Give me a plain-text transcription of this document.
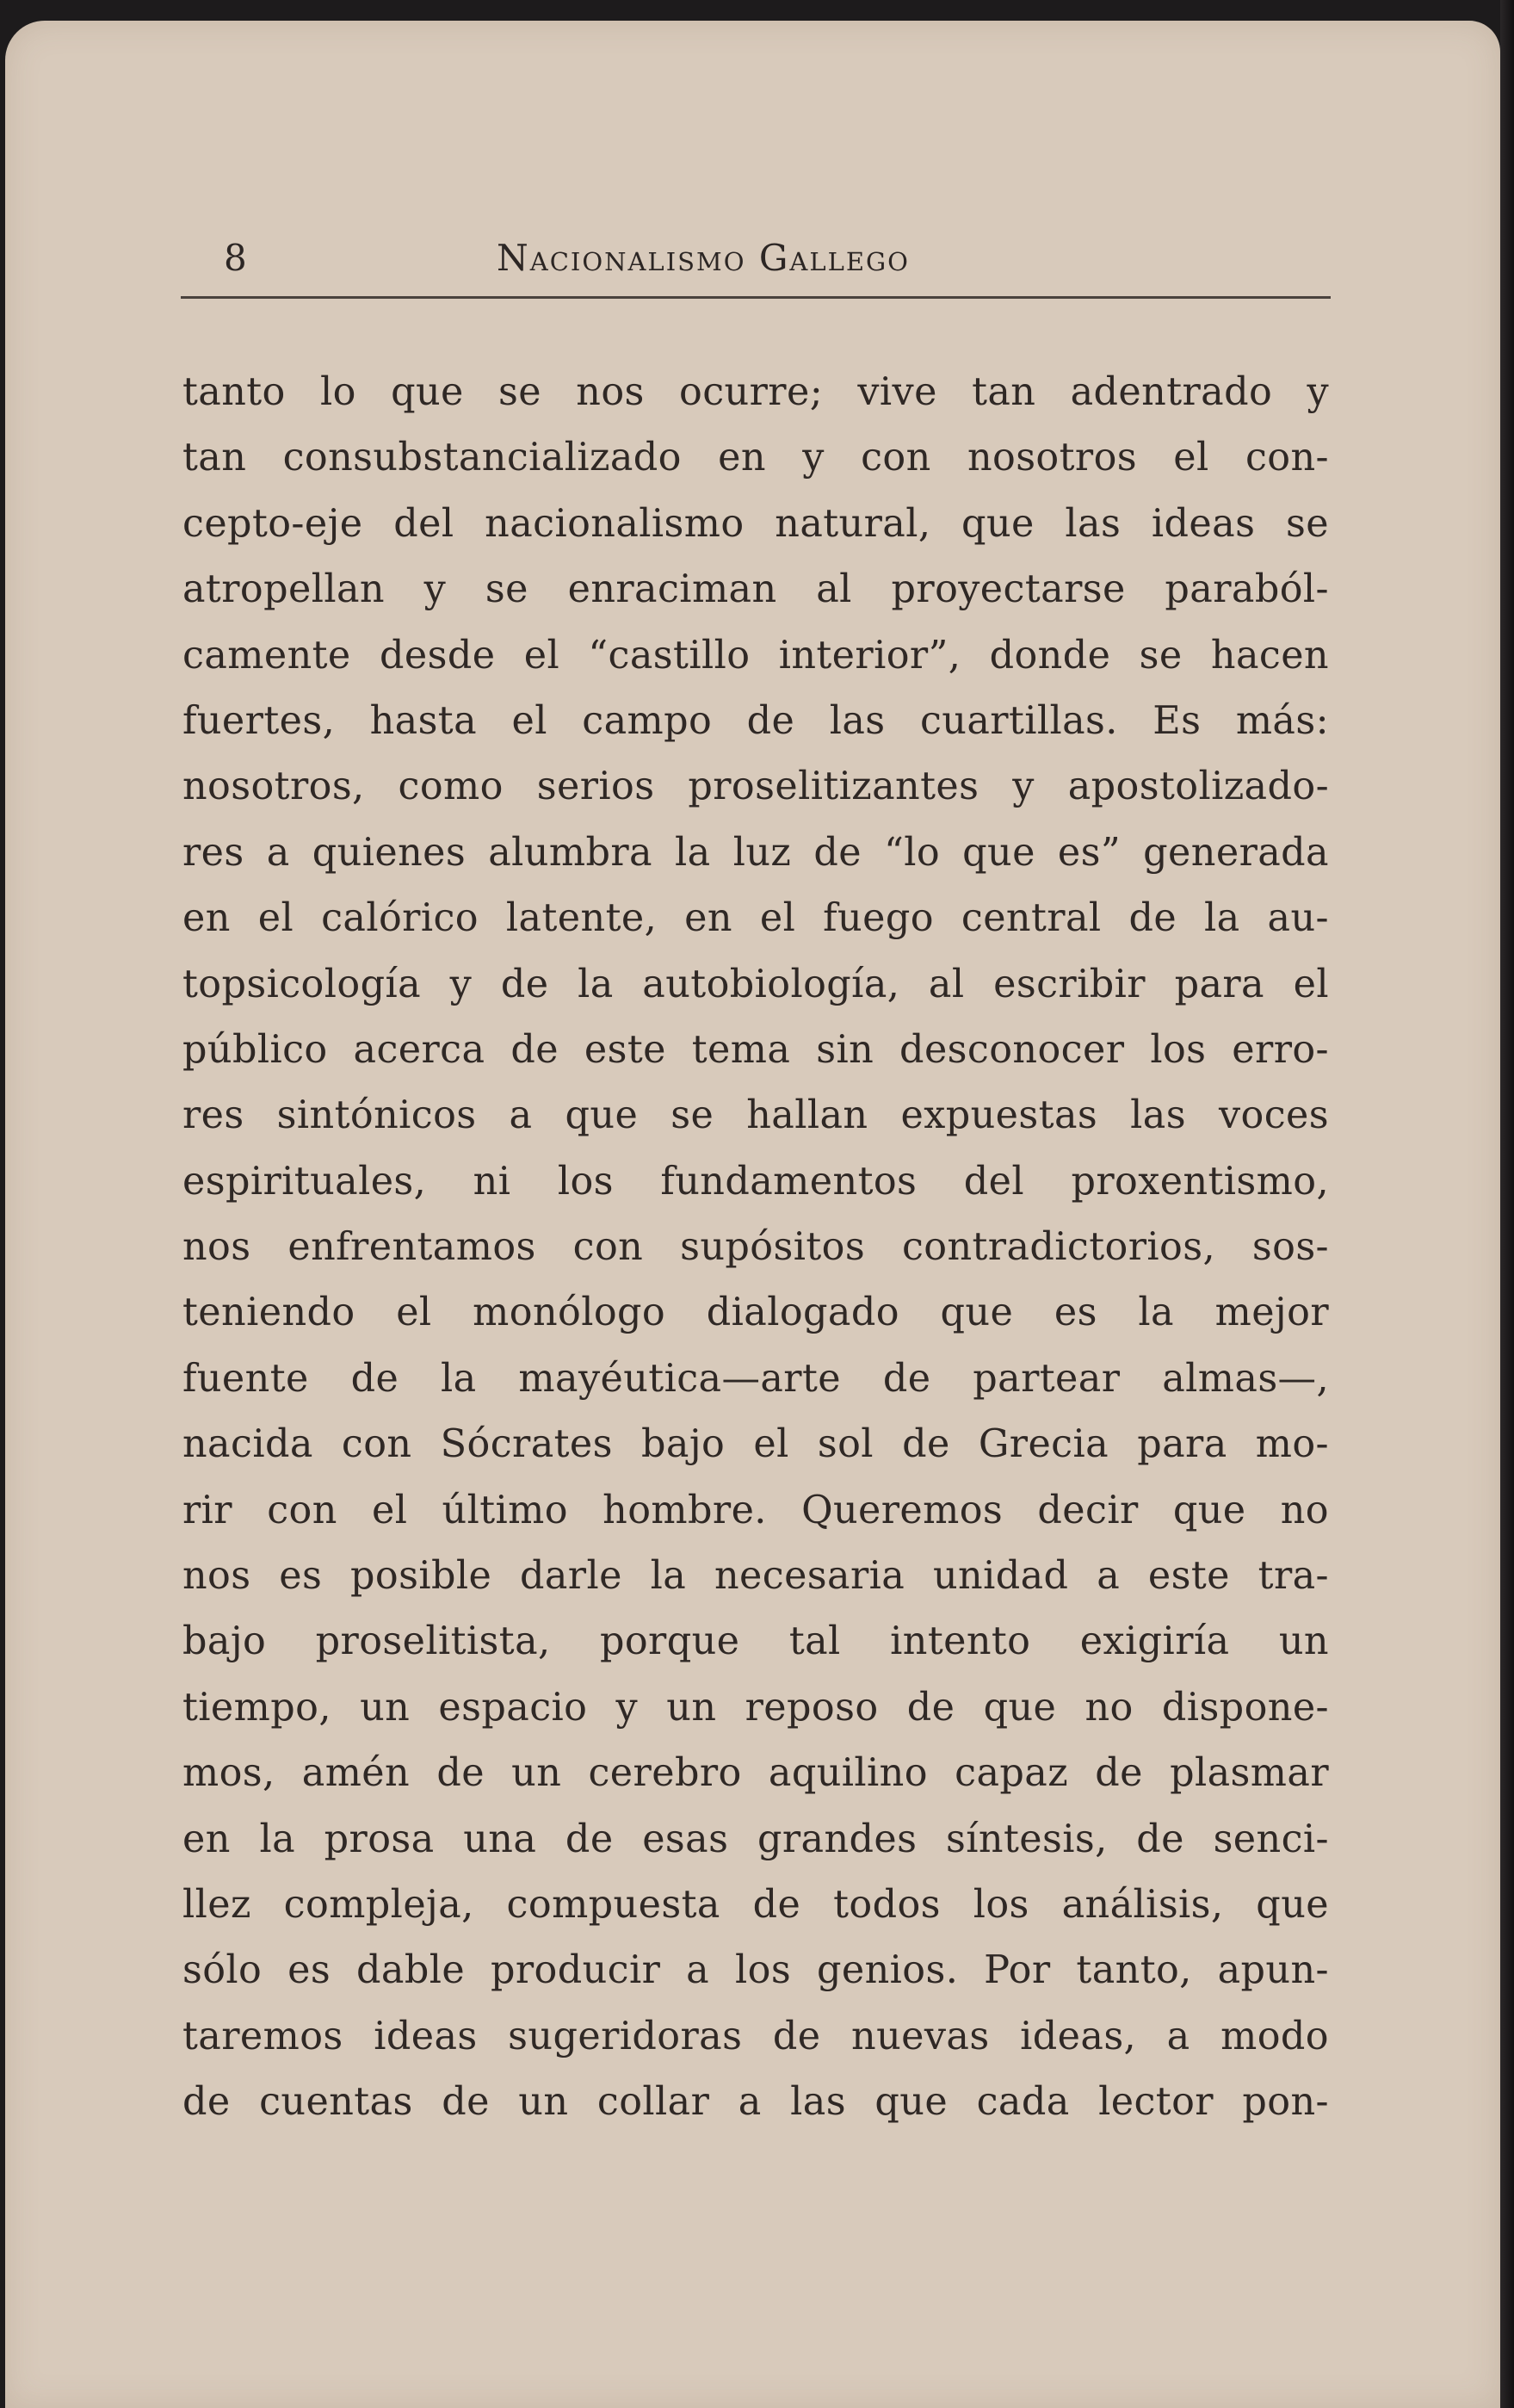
8	Nacionalismo Gallego
tanto lo que se nos ocurre; vive tan adentrado y
tan consubstancializado en y con nosotros el con-
cepto-eje del nacionalismo natural, que las ideas se
atropellan y se enraciman al proyectarse paraból-
camente desde el “castillo interior”, donde se hacen
fuertes, hasta el campo de las cuartillas. Es más:
nosotros, como serios proselitizantes y apostolizado-
res a quienes alumbra la luz de “lo que es” generada
en el calórico latente, en el fuego central de la au-
topsicología y de la autobiología, al escribir para el
público acerca de este tema sin desconocer los erro-
res sintónicos a que se hallan expuestas las voces
espirituales, ni los fundamentos del proxentismo,
nos enfrentamos con supósitos contradictorios, sos-
teniendo el monólogo dialogado que es la mejor
fuente de la mayéutica—arte de partear almas—,
nacida con Sócrates bajo el sol de Grecia para mo-
rir con el último hombre. Queremos decir que no
nos es posible darle la necesaria unidad a este tra-
bajo proselitista, porque tal intento exigiría un
tiempo, un espacio y un reposo de que no dispone-
mos, amén de un cerebro aquilino capaz de plasmar
en la prosa una de esas grandes síntesis, de senci-
llez compleja, compuesta de todos los análisis, que
sólo es dable producir a los genios. Por tanto, apun-
taremos ideas sugeridoras de nuevas ideas, a modo
de cuentas de un collar a las que cada lector pon-
